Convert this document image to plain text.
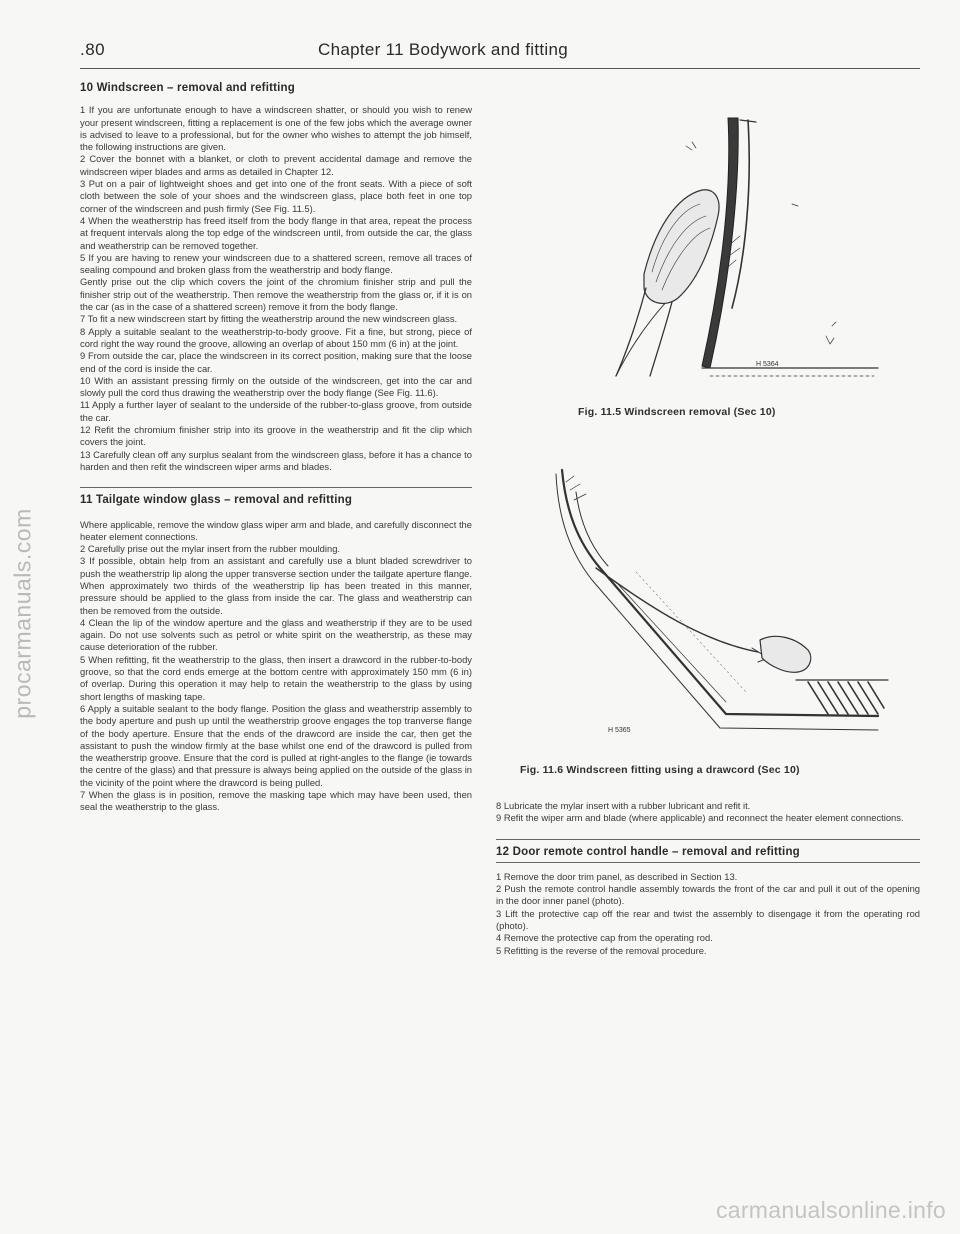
.80	Chapter 11 Bodywork and fitting
procarmanuals.com
carmanualsonline.info
10 Windscreen – removal and refitting

1 If you are unfortunate enough to have a windscreen shatter, or should you wish to renew your present windscreen, fitting a replacement is one of the few jobs which the average owner is advised to leave to a professional, but for the owner who wishes to attempt the job himself, the following instructions are given.

2 Cover the bonnet with a blanket, or cloth to prevent accidental damage and remove the windscreen wiper blades and arms as detailed in Chapter 12.

3 Put on a pair of lightweight shoes and get into one of the front seats. With a piece of soft cloth between the sole of your shoes and the windscreen glass, place both feet in one top corner of the windscreen and push firmly (See Fig. 11.5).

4 When the weatherstrip has freed itself from the body flange in that area, repeat the process at frequent intervals along the top edge of the windscreen until, from outside the car, the glass and weatherstrip can be removed together.

5 If you are having to renew your windscreen due to a shattered screen, remove all traces of sealing compound and broken glass from the weatherstrip and body flange.

Gently prise out the clip which covers the joint of the chromium finisher strip and pull the finisher strip out of the weatherstrip. Then remove the weatherstrip from the glass or, if it is on the car (as in the case of a shattered screen) remove it from the body flange.

7 To fit a new windscreen start by fitting the weatherstrip around the new windscreen glass.

8 Apply a suitable sealant to the weatherstrip-to-body groove. Fit a fine, but strong, piece of cord right the way round the groove, allowing an overlap of about 150 mm (6 in) at the joint.

9 From outside the car, place the windscreen in its correct position, making sure that the loose end of the cord is inside the car.

10 With an assistant pressing firmly on the outside of the windscreen, get into the car and slowly pull the cord thus drawing the weatherstrip over the body flange (See Fig. 11.6).

11 Apply a further layer of sealant to the underside of the rubber-to-glass groove, from outside the car.

12 Refit the chromium finisher strip into its groove in the weatherstrip and fit the clip which covers the joint.

13 Carefully clean off any surplus sealant from the windscreen glass, before it has a chance to harden and then refit the windscreen wiper arms and blades.

11 Tailgate window glass – removal and refitting

Where applicable, remove the window glass wiper arm and blade, and carefully disconnect the heater element connections.

2 Carefully prise out the mylar insert from the rubber moulding.

3 If possible, obtain help from an assistant and carefully use a blunt bladed screwdriver to push the weatherstrip lip along the upper transverse section under the tailgate aperture flange. When approximately two thirds of the weatherstrip lip has been treated in this manner, pressure should be applied to the glass from inside the car. The glass and weatherstrip can then be removed from the outside.

4 Clean the lip of the window aperture and the glass and weatherstrip if they are to be used again. Do not use solvents such as petrol or white spirit on the weatherstrip, as these may cause deterioration of the rubber.

5 When refitting, fit the weatherstrip to the glass, then insert a drawcord in the rubber-to-body groove, so that the cord ends emerge at the bottom centre with approximately 150 mm (6 in) of overlap. During this operation it may help to retain the weatherstrip to the glass by using short lengths of masking tape.

6 Apply a suitable sealant to the body flange. Position the glass and weatherstrip assembly to the body aperture and push up until the weatherstrip groove engages the top tranverse flange of the body aperture. Ensure that the ends of the drawcord are inside the car, then get the assistant to push the window firmly at the base whilst one end of the drawcord is pulled from the weatherstrip groove. Ensure that the cord is pulled at right-angles to the flange (ie towards the centre of the glass) and that pressure is always being applied on the outside of the glass in the vicinity of the point where the drawcord is being pulled.

7 When the glass is in position, remove the masking tape which may have been used, then seal the weatherstrip to the glass.

H 5364
Fig. 11.5 Windscreen removal (Sec 10)
H 5365
Fig. 11.6 Windscreen fitting using a drawcord (Sec 10)

8 Lubricate the mylar insert with a rubber lubricant and refit it.

9 Refit the wiper arm and blade (where applicable) and reconnect the heater element connections.

12 Door remote control handle – removal and refitting

1 Remove the door trim panel, as described in Section 13.

2 Push the remote control handle assembly towards the front of the car and pull it out of the opening in the door inner panel (photo).

3 Lift the protective cap off the rear and twist the assembly to disengage it from the operating rod (photo).

4 Remove the protective cap from the operating rod.

5 Refitting is the reverse of the removal procedure.
